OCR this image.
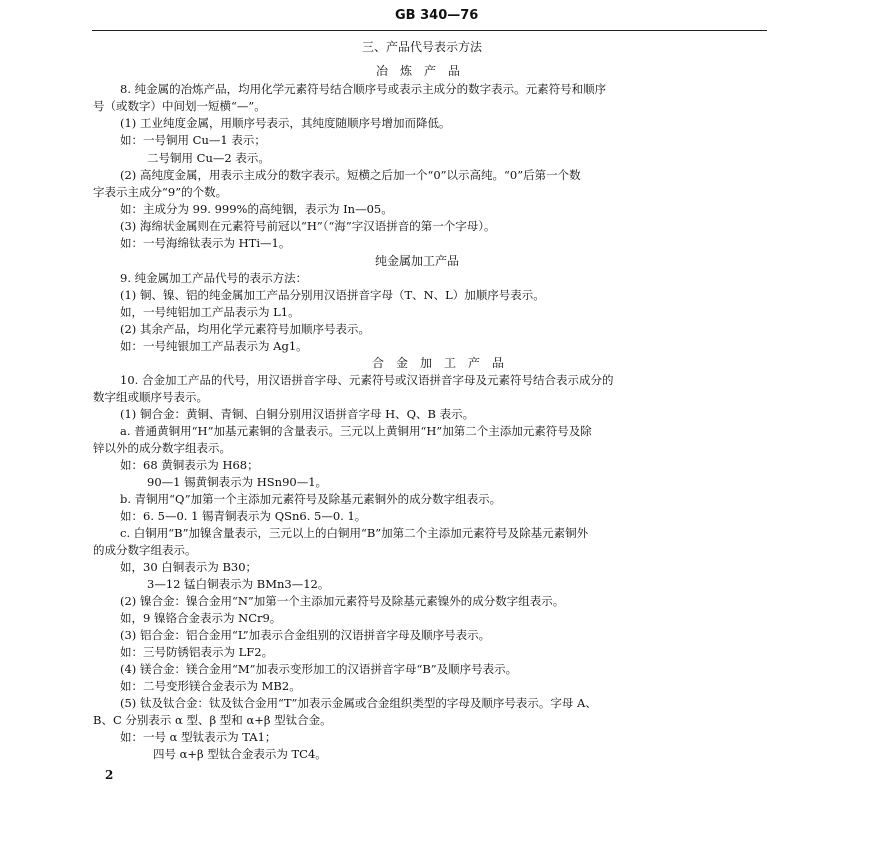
GB 340—76
三、产品代号表示方法
冶　炼　产　品
8. 纯金属的冶炼产品，均用化学元素符号结合顺序号或表示主成分的数字表示。元素符号和顺序
号（或数字）中间划一短横“—”。
(1) 工业纯度金属，用顺序号表示，其纯度随顺序号增加而降低。
如：一号铜用 Cu—1 表示；
二号铜用 Cu—2 表示。
(2) 高纯度金属，用表示主成分的数字表示。短横之后加一个“0”以示高纯。“0”后第一个数
字表示主成分“9”的个数。
如：主成分为 99. 999%的高纯铟，表示为 In—05。
(3) 海绵状金属则在元素符号前冠以“H”（“海”字汉语拼音的第一个字母）。
如：一号海绵钛表示为 HTi—1。
纯金属加工产品
9. 纯金属加工产品代号的表示方法：
(1) 铜、镍、铝的纯金属加工产品分别用汉语拼音字母（T、N、L）加顺序号表示。
如，一号纯铝加工产品表示为 L1。
(2) 其余产品，均用化学元素符号加顺序号表示。
如：一号纯银加工产品表示为 Ag1。
合　金　加　工　产　品
10. 合金加工产品的代号，用汉语拼音字母、元素符号或汉语拼音字母及元素符号结合表示成分的
数字组或顺序号表示。
(1) 铜合金：黄铜、青铜、白铜分别用汉语拼音字母 H、Q、B 表示。
a. 普通黄铜用“H”加基元素铜的含量表示。三元以上黄铜用“H”加第二个主添加元素符号及除
锌以外的成分数字组表示。
如：68 黄铜表示为 H68；
90—1 锡黄铜表示为 HSn90—1。
b. 青铜用“Q”加第一个主添加元素符号及除基元素铜外的成分数字组表示。
如：6. 5—0. 1 锡青铜表示为 QSn6. 5—0. 1。
c. 白铜用“B”加镍含量表示，三元以上的白铜用“B”加第二个主添加元素符号及除基元素铜外
的成分数字组表示。
如，30 白铜表示为 B30；
3—12 锰白铜表示为 BMn3—12。
(2) 镍合金：镍合金用“N”加第一个主添加元素符号及除基元素镍外的成分数字组表示。
如，9 镍铬合金表示为 NCr9。
(3) 铝合金：铝合金用“L”加表示合金组别的汉语拼音字母及顺序号表示。
如：三号防锈铝表示为 LF2。
(4) 镁合金：镁合金用“M”加表示变形加工的汉语拼音字母“B”及顺序号表示。
如：二号变形镁合金表示为 MB2。
(5) 钛及钛合金：钛及钛合金用“T”加表示金属或合金组织类型的字母及顺序号表示。字母 A、
B、C 分别表示 α 型、β 型和 α+β 型钛合金。
如：一号 α 型钛表示为 TA1；
四号 α+β 型钛合金表示为 TC4。
2
